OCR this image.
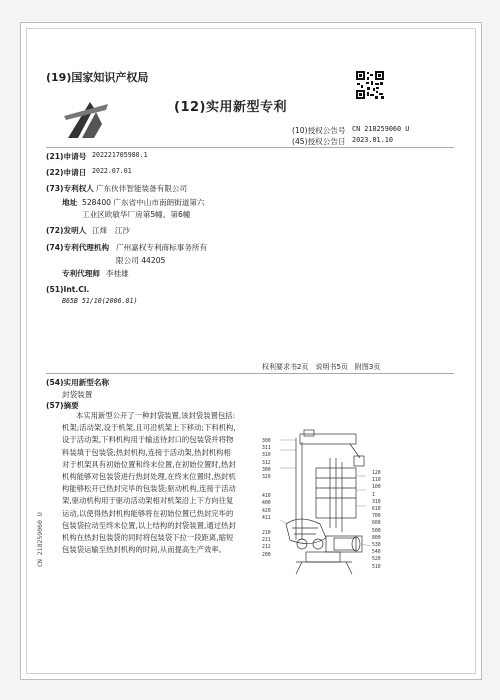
(19)国家知识产权局
(12)实用新型专利
(10)授权公告号 CN 218259060 U
(45)授权公告日 2023.01.10
(21)申请号 202221705980.1
(22)申请日 2022.07.01
(73)专利权人 广东伙伴智能装备有限公司
地址 528400 广东省中山市南朗街道第六
工业区欧敏华厂房第5幢、第6幢
(72)发明人 江烽　江沙
(74)专利代理机构 广州嘉权专利商标事务所有
限公司 44205
专利代理师 李桂雄
(51)Int.Cl.
B65B 51/10(2006.01)
权利要求书2页　说明书5页　附图3页
(54)实用新型名称
封袋装置
(57)摘要
本实用新型公开了一种封袋装置,该封袋装置包括:机架;活动架,设于机架,且可沿机架上下移动;下料机构,设于活动架,下料机构用于输送待封口的包装袋并将物料装填于包装袋;热封机构,连接于活动架,热封机构相对于机架具有初始位置和终末位置,在初始位置时,热封机构能够对包装袋进行热封处理,在终末位置时,热封机构能够松开已热封完毕的包装袋;驱动机构,连接于活动架,驱动机构用于驱动活动架相对机架沿上下方向往复运动,以使得热封机构能够将在初始位置已热封完毕的包装袋拉动至终末位置,以上结构的封袋装置,通过热封机构在热封包装袋的同时将包装袋下拉一段距离,缩短包装袋运输至热封机构的时间,从而提高生产效率。
300
311
310
312
300
320
410
400
420
411
210
211
212
200
120
110
100
1
310
610
700
600
500
800
530
540
520
510
CN 218259060 U
